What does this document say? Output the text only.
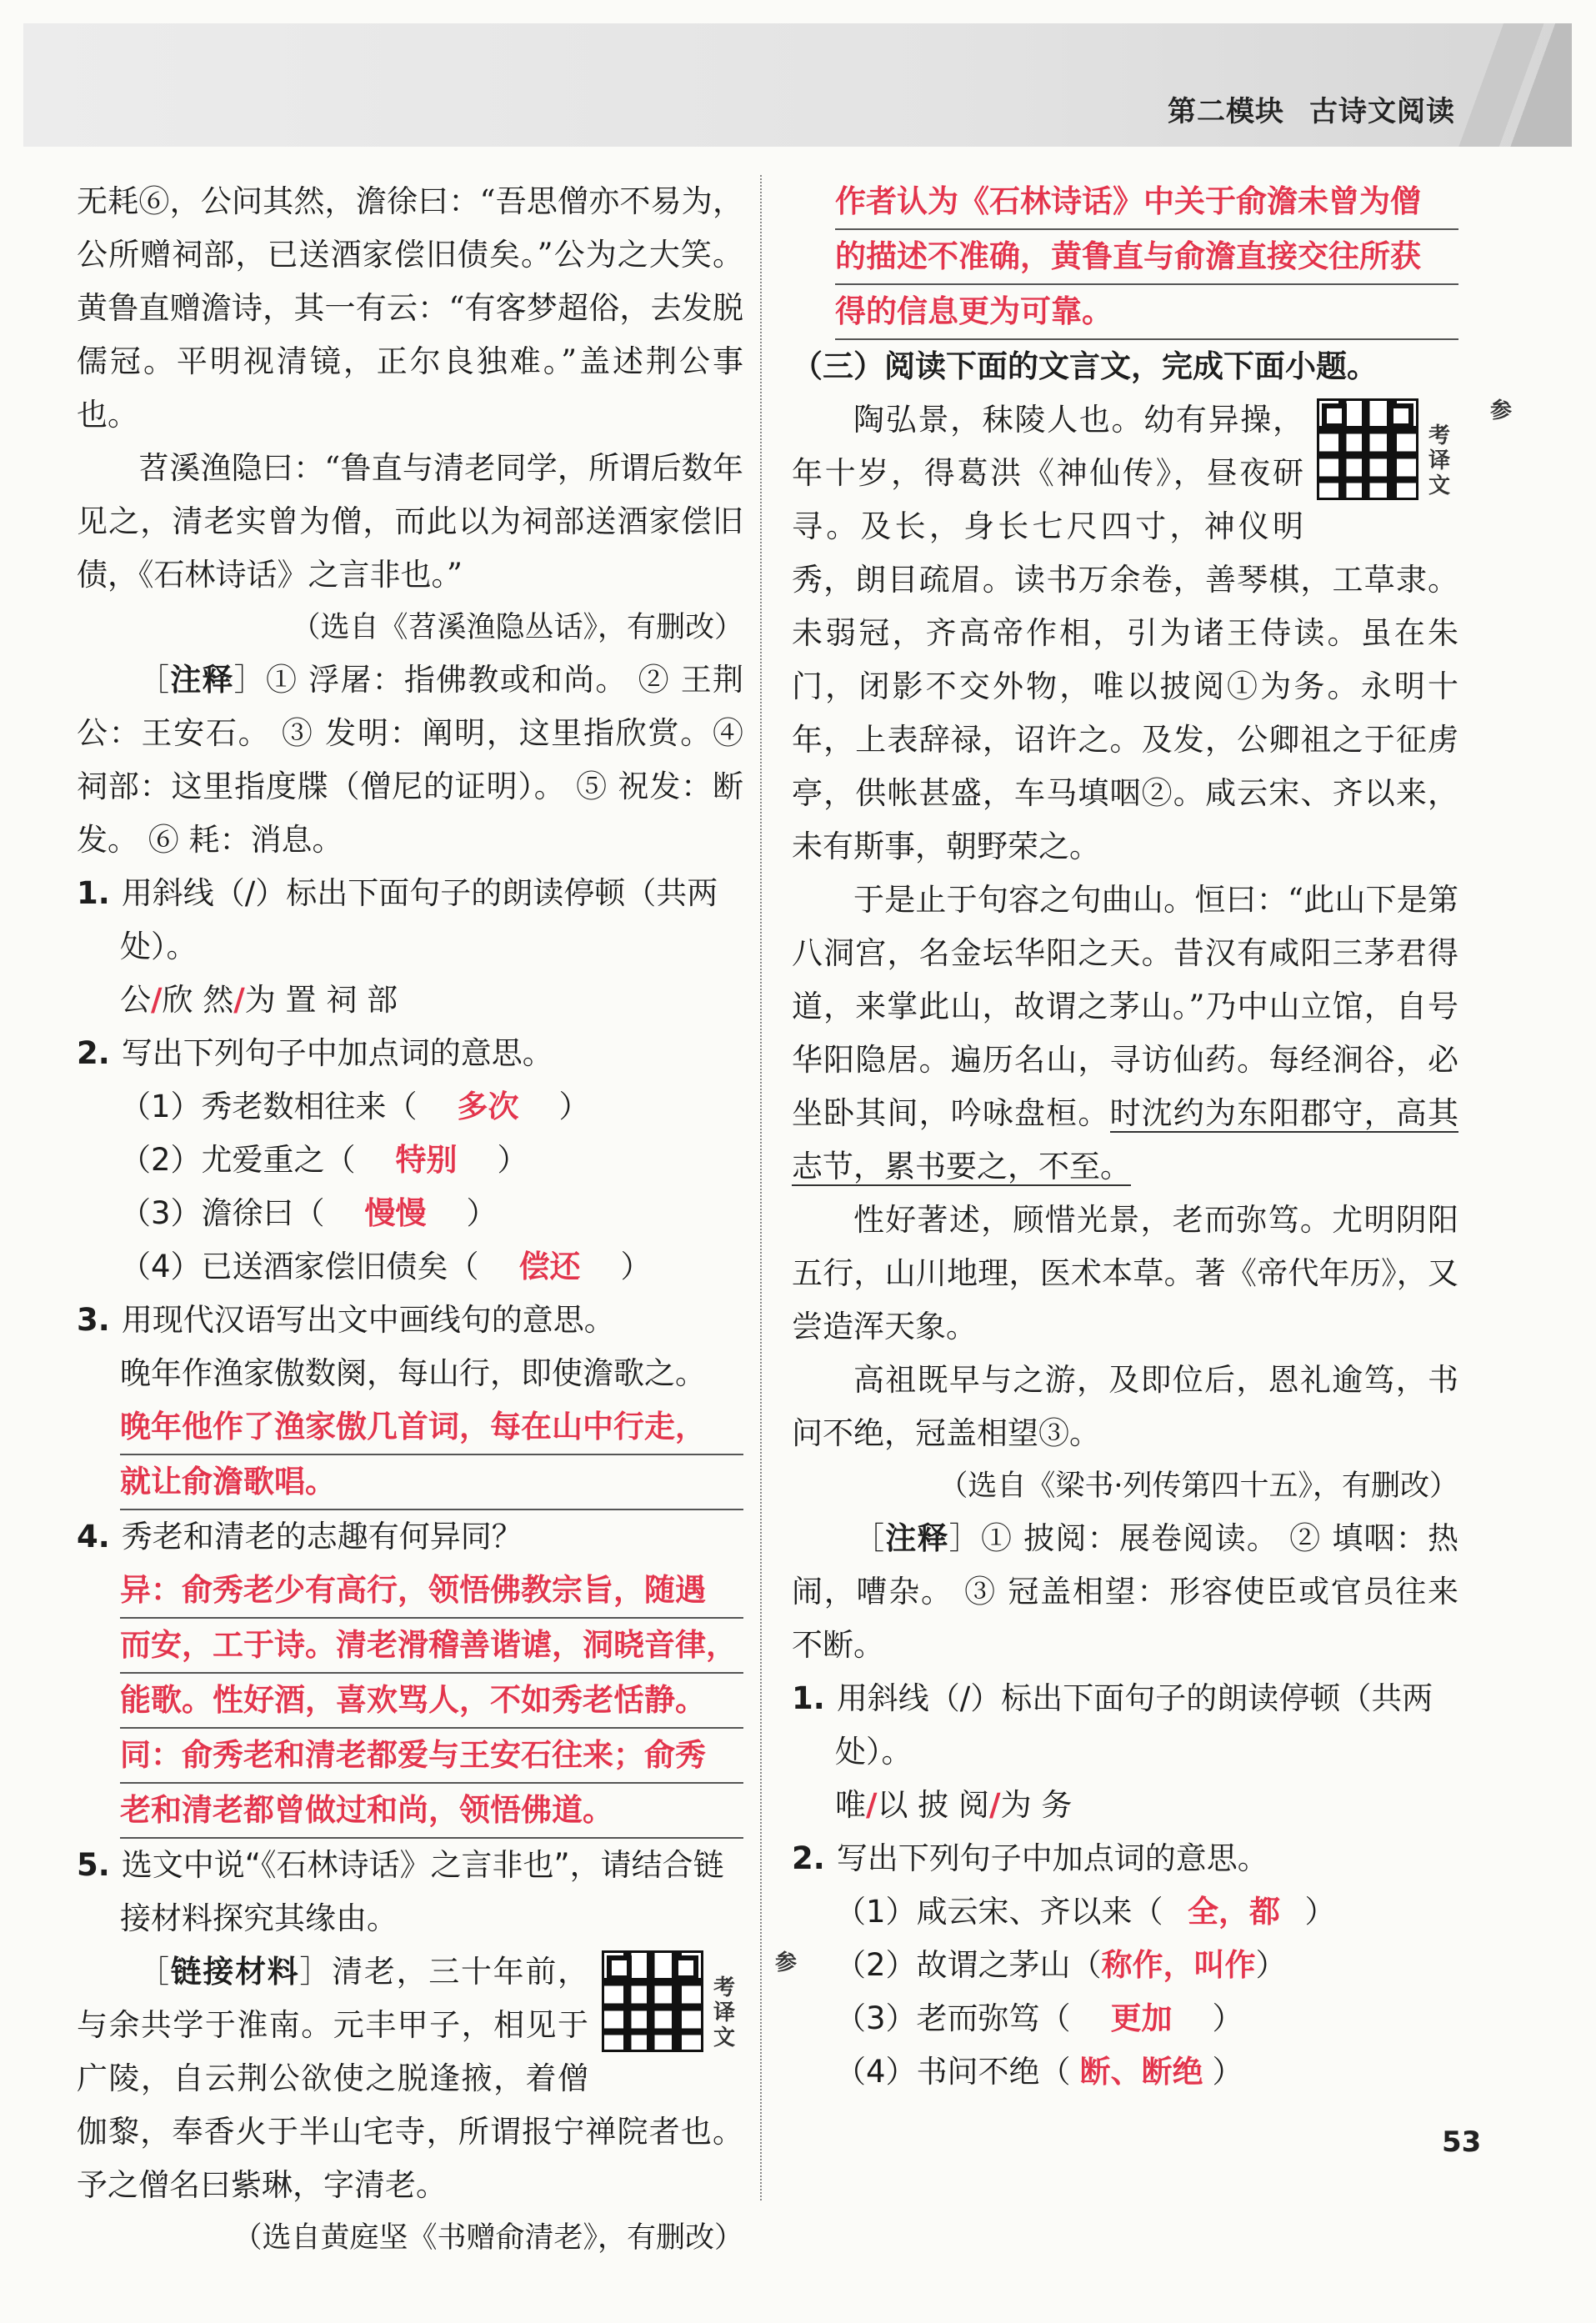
第二模块 古诗文阅读

无耗⑥，公问其然，澹徐曰：“吾思僧亦不易为，公所赠祠部，已送酒家偿旧债矣。”公为之大笑。黄鲁直赠澹诗，其一有云：“有客梦超俗，去发脱儒冠。平明视清镜，正尔良独难。”盖述荆公事也。

苕溪渔隐曰：“鲁直与清老同学，所谓后数年见之，清老实曾为僧，而此以为祠部送酒家偿旧债，《石林诗话》之言非也。”

（选自《苕溪渔隐丛话》，有删改）

［注释］① 浮屠：指佛教或和尚。 ② 王荆公：王安石。 ③ 发明：阐明，这里指欣赏。④ 祠部：这里指度牒（僧尼的证明）。 ⑤ 祝发：断发。 ⑥ 耗：消息。

1. 用斜线（/）标出下面句子的朗读停顿（共两处）。
公/欣 然/为 置 祠 部
2. 写出下列句子中加点词的意思。
（1）秀老数相往来（ 多次 ）
（2）尤爱重之（ 特别 ）
（3）澹徐曰（ 慢慢 ）
（4）已送酒家偿旧债矣（ 偿还 ）
3. 用现代汉语写出文中画线句的意思。
晚年作渔家傲数阕，每山行，即使澹歌之。
晚年他作了渔家傲几首词，每在山中行走，
就让俞澹歌唱。
4. 秀老和清老的志趣有何异同？
异：俞秀老少有高行，领悟佛教宗旨，随遇
而安，工于诗。清老滑稽善谐谑，洞晓音律，
能歌。性好酒，喜欢骂人，不如秀老恬静。
同：俞秀老和清老都爱与王安石往来；俞秀
老和清老都曾做过和尚，领悟佛道。
5. 选文中说“《石林诗话》之言非也”，请结合链接材料探究其缘由。

参考译文
［链接材料］清老，三十年前，与余共学于淮南。元丰甲子，相见于广陵，自云荆公欲使之脱逢掖，着僧伽黎，奉香火于半山宅寺，所谓报宁禅院者也。予之僧名曰紫琳，字清老。

（选自黄庭坚《书赠俞清老》，有删改）

作者认为《石林诗话》中关于俞澹未曾为僧
的描述不准确，黄鲁直与俞澹直接交往所获
得的信息更为可靠。
（三）阅读下面的文言文，完成下面小题。

参考译文
陶弘景，秣陵人也。幼有异操，年十岁，得葛洪《神仙传》，昼夜研寻。及长，身长七尺四寸，神仪明秀，朗目疏眉。读书万余卷，善琴棋，工草隶。未弱冠，齐高帝作相，引为诸王侍读。虽在朱门，闭影不交外物，唯以披阅①为务。永明十年，上表辞禄，诏许之。及发，公卿祖之于征虏亭，供帐甚盛，车马填咽②。咸云宋、齐以来，未有斯事，朝野荣之。

于是止于句容之句曲山。恒曰：“此山下是第八洞宫，名金坛华阳之天。昔汉有咸阳三茅君得道，来掌此山，故谓之茅山。”乃中山立馆，自号华阳隐居。遍历名山，寻访仙药。每经涧谷，必坐卧其间，吟咏盘桓。时沈约为东阳郡守，高其志节，累书要之，不至。

性好著述，顾惜光景，老而弥笃。尤明阴阳五行，山川地理，医术本草。著《帝代年历》，又尝造浑天象。

高祖既早与之游，及即位后，恩礼逾笃，书问不绝，冠盖相望③。

（选自《梁书·列传第四十五》，有删改）

［注释］① 披阅：展卷阅读。 ② 填咽：热闹，嘈杂。 ③ 冠盖相望：形容使臣或官员往来不断。

1. 用斜线（/）标出下面句子的朗读停顿（共两处）。
唯/以 披 阅/为 务
2. 写出下列句子中加点词的意思。
（1）咸云宋、齐以来（ 全，都 ）
（2）故谓之茅山（称作，叫作）
（3）老而弥笃（ 更加 ）
（4）书问不绝（ 断、断绝 ）
53
